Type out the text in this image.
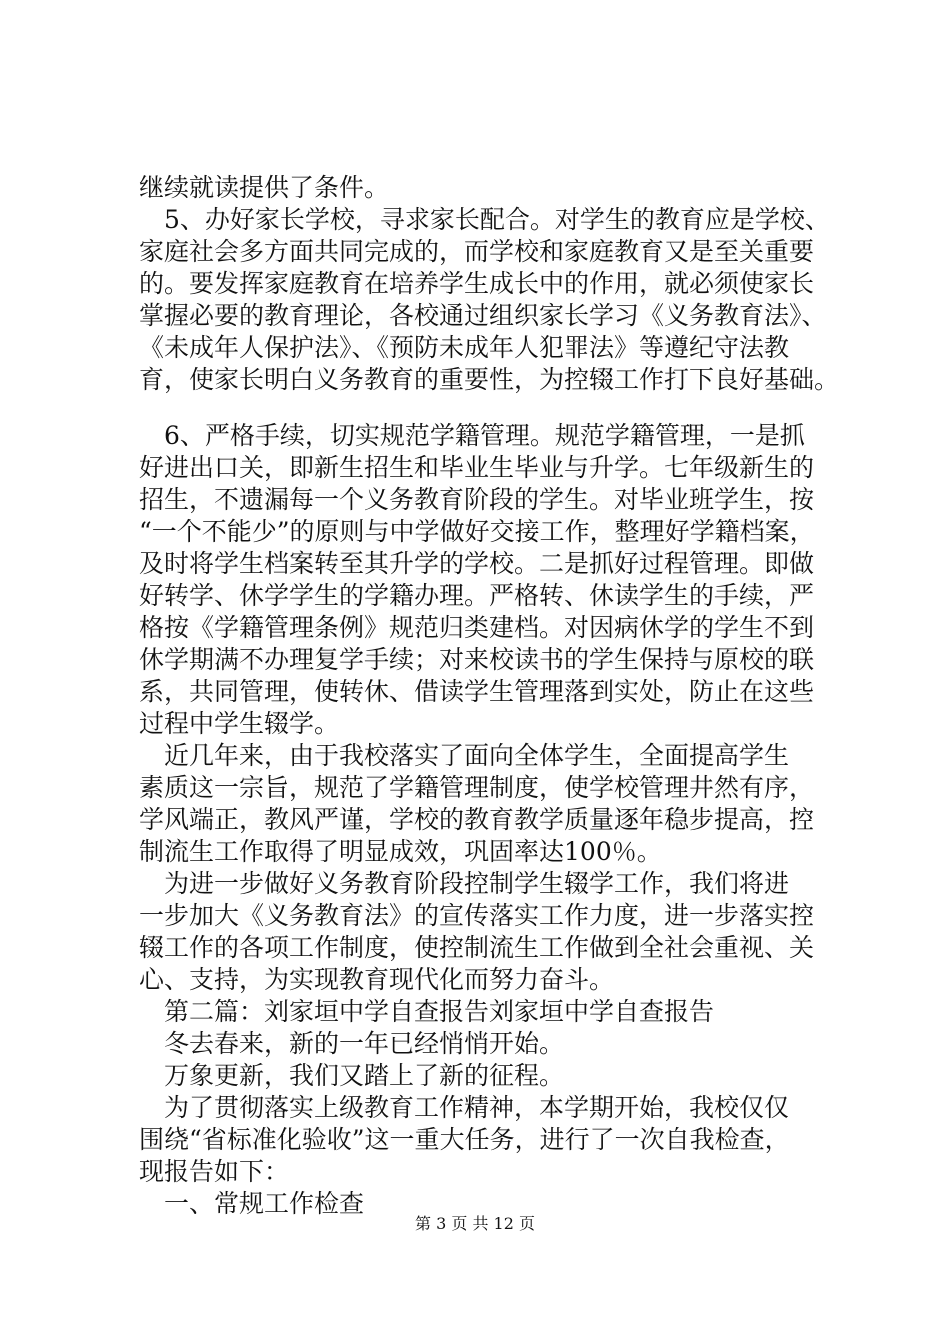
继续就读提供了条件。
　5、办好家长学校，寻求家长配合。对学生的教育应是学校、
家庭社会多方面共同完成的，而学校和家庭教育又是至关重要
的。要发挥家庭教育在培养学生成长中的作用，就必须使家长
掌握必要的教育理论，各校通过组织家长学习《义务教育法》、
《未成年人保护法》、《预防未成年人犯罪法》等遵纪守法教
育，使家长明白义务教育的重要性，为控辍工作打下良好基础。
　6、严格手续，切实规范学籍管理。规范学籍管理，一是抓
好进出口关，即新生招生和毕业生毕业与升学。七年级新生的
招生，不遗漏每一个义务教育阶段的学生。对毕业班学生，按
“一个不能少”的原则与中学做好交接工作，整理好学籍档案，
及时将学生档案转至其升学的学校。二是抓好过程管理。即做
好转学、休学学生的学籍办理。严格转、休读学生的手续，严
格按《学籍管理条例》规范归类建档。对因病休学的学生不到
休学期满不办理复学手续；对来校读书的学生保持与原校的联
系，共同管理，使转休、借读学生管理落到实处，防止在这些
过程中学生辍学。
　近几年来，由于我校落实了面向全体学生，全面提高学生
素质这一宗旨，规范了学籍管理制度，使学校管理井然有序，
学风端正，教风严谨，学校的教育教学质量逐年稳步提高，控
制流生工作取得了明显成效，巩固率达100％。
　为进一步做好义务教育阶段控制学生辍学工作，我们将进
一步加大《义务教育法》的宣传落实工作力度，进一步落实控
辍工作的各项工作制度，使控制流生工作做到全社会重视、关
心、支持，为实现教育现代化而努力奋斗。
　第二篇：刘家垣中学自查报告刘家垣中学自查报告
　冬去春来，新的一年已经悄悄开始。
　万象更新，我们又踏上了新的征程。
　为了贯彻落实上级教育工作精神，本学期开始，我校仅仅
围绕“省标准化验收”这一重大任务，进行了一次自我检查，
现报告如下：
　一、常规工作检查
第 3 页 共 12 页
